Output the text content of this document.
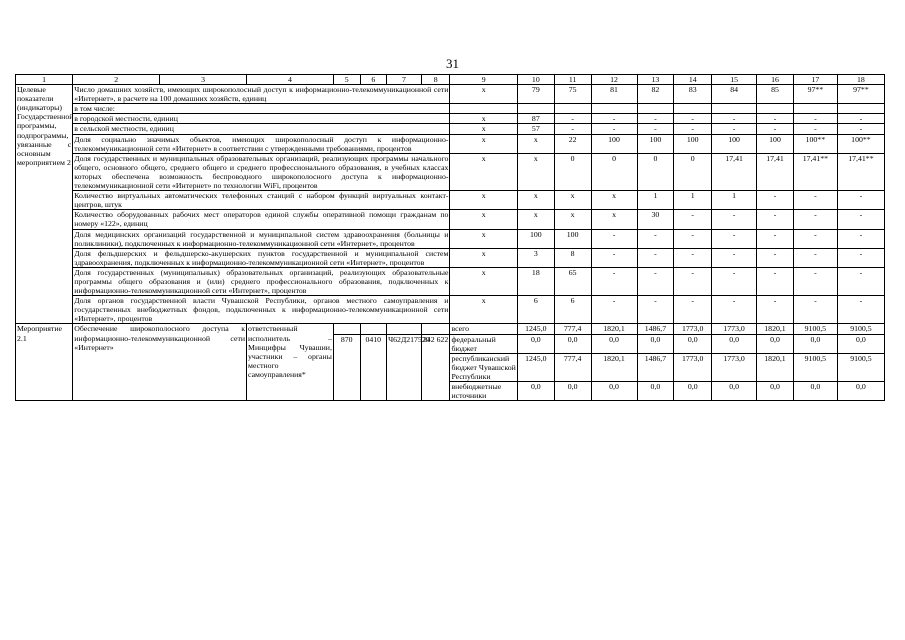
31
1	2	3	4	5	6	7	8	9	10	11	12	13	14	15	16	17	18
Целевые показатели (индикаторы) Государственной программы, подпрограммы, увязанные с основным мероприятием 2	Число домашних хозяйств, имеющих широкополосный доступ к информационно-телекоммуникационной сети «Интернет», в расчете на 100 домашних хозяйств, единиц							x	79	75	81	82	83	84	85	97**	97**
	в том числе:																
	в городской местности, единиц							x	87	-	-	-	-	-	-	-	-
	в сельской местности, единиц							x	57	-	-	-	-	-	-	-	-
	Доля социально значимых объектов, имеющих широкополосный доступ к информационно-телекоммуникационной сети «Интернет» в соответствии с утвержденными требованиями, процентов							x	x	22	100	100	100	100	100	100**	100**
	Доля государственных и муниципальных образовательных организаций, реализующих программы начального общего, основного общего, среднего общего и среднего профессионального образования, в учебных классах которых обеспечена возможность беспроводного широкополосного доступа к информационно-телекоммуникационной сети «Интернет» по технологии WiFi, процентов							x	x	0	0	0	0	17,41	17,41	17,41**	17,41**
	Количество виртуальных автоматических телефонных станций с набором функций виртуальных контакт-центров, штук							x	x	x	x	1	1	1	-	-	-
	Количество оборудованных рабочих мест операторов единой службы оперативной помощи гражданам по номеру «122», единиц							x	x	x	x	30	-	-	-	-	-
	Доля медицинских организаций государственной и муниципальной систем здравоохранения (больницы и поликлиники), подключенных к информационно-телекоммуникационной сети «Интернет», процентов							x	100	100	-	-	-	-	-	-	-
	Доля фельдшерских и фельдшерско-акушерских пунктов государственной и муниципальной систем здравоохранения, подключенных к информационно-телекоммуникационной сети «Интернет», процентов							x	3	8	-	-	-	-	-	-	-
	Доля государственных (муниципальных) образовательных организаций, реализующих образовательные программы общего образования и (или) среднего профессионального образования, подключенных к информационно-телекоммуникационной сети «Интернет», процентов							x	18	65	-	-	-	-	-	-	-
	Доля органов государственной власти Чувашской Республики, органов местного самоуправления и государственных внебюджетных фондов, подключенных к информационно-телекоммуникационной сети «Интернет», процентов							x	6	6	-	-	-	-	-	-	-
Мероприятие 2.1	Обеспечение широкополосного доступа к информационно-телекоммуникационной сети «Интернет»		ответственный исполнитель – Минцифры Чувашии, участники – органы местного самоуправления*					всего	1245,0	777,4	1820,1	1486,7	1773,0	1773,0	1820,1	9100,5	9100,5
				870	0410	Ч62Д217520	242 622	федеральный бюджет	0,0	0,0	0,0	0,0	0,0	0,0	0,0	0,0	0,0
								республиканский бюджет Чувашской Республики	1245,0	777,4	1820,1	1486,7	1773,0	1773,0	1820,1	9100,5	9100,5
								внебюджетные источники	0,0	0,0	0,0	0,0	0,0	0,0	0,0	0,0	0,0
